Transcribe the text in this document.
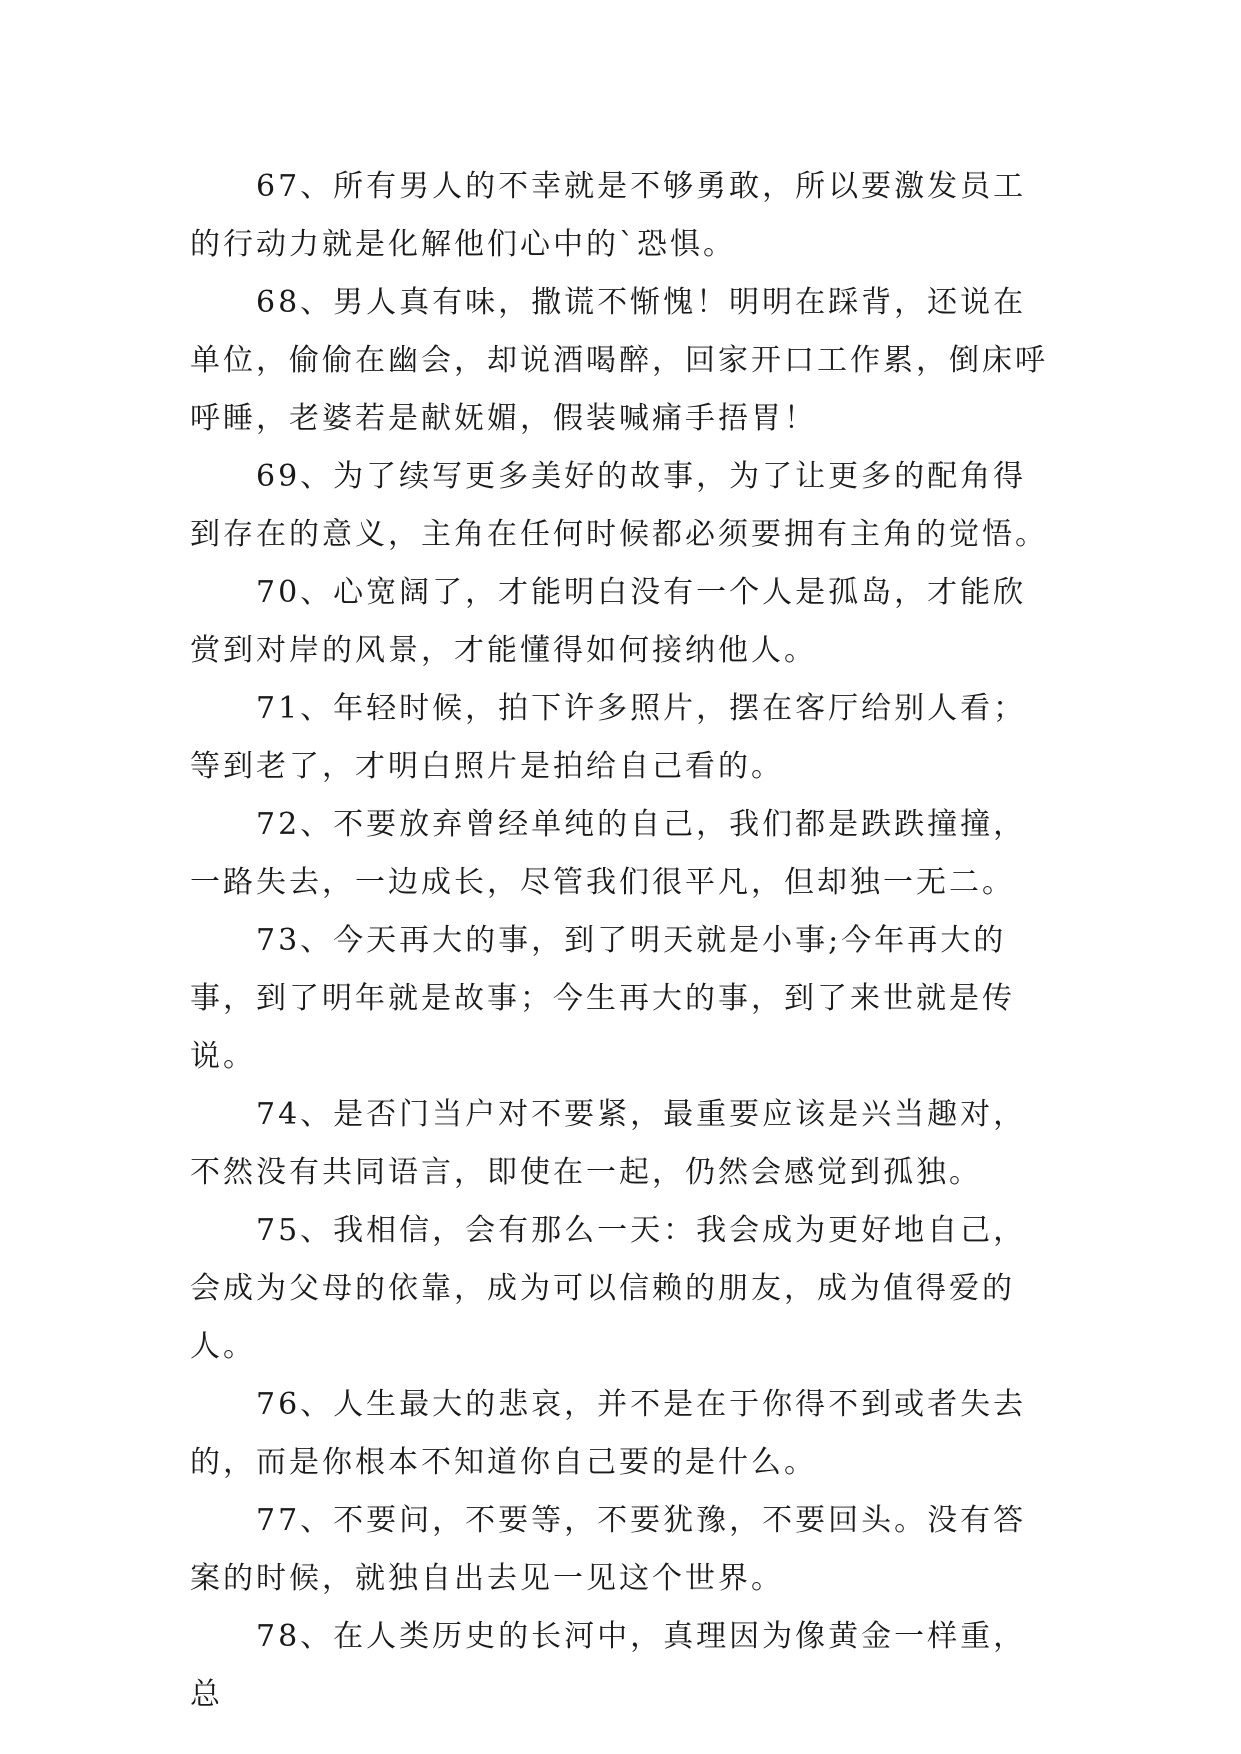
67、所有男人的不幸就是不够勇敢，所以要激发员工的行动力就是化解他们心中的`恐惧。

68、男人真有味，撒谎不惭愧！明明在踩背，还说在单位，偷偷在幽会，却说酒喝醉，回家开口工作累，倒床呼呼睡，老婆若是献妩媚，假装喊痛手捂胃！

69、为了续写更多美好的故事，为了让更多的配角得到存在的意义，主角在任何时候都必须要拥有主角的觉悟。

70、心宽阔了，才能明白没有一个人是孤岛，才能欣赏到对岸的风景，才能懂得如何接纳他人。

71、年轻时候，拍下许多照片，摆在客厅给别人看；等到老了，才明白照片是拍给自己看的。

72、不要放弃曾经单纯的自己，我们都是跌跌撞撞，一路失去，一边成长，尽管我们很平凡，但却独一无二。

73、今天再大的事，到了明天就是小事;今年再大的事，到了明年就是故事；今生再大的事，到了来世就是传说。

74、是否门当户对不要紧，最重要应该是兴当趣对，不然没有共同语言，即使在一起，仍然会感觉到孤独。

75、我相信，会有那么一天：我会成为更好地自己，会成为父母的依靠，成为可以信赖的朋友，成为值得爱的人。

76、人生最大的悲哀，并不是在于你得不到或者失去的，而是你根本不知道你自己要的是什么。

77、不要问，不要等，不要犹豫，不要回头。没有答案的时候，就独自出去见一见这个世界。

78、在人类历史的长河中，真理因为像黄金一样重，总
